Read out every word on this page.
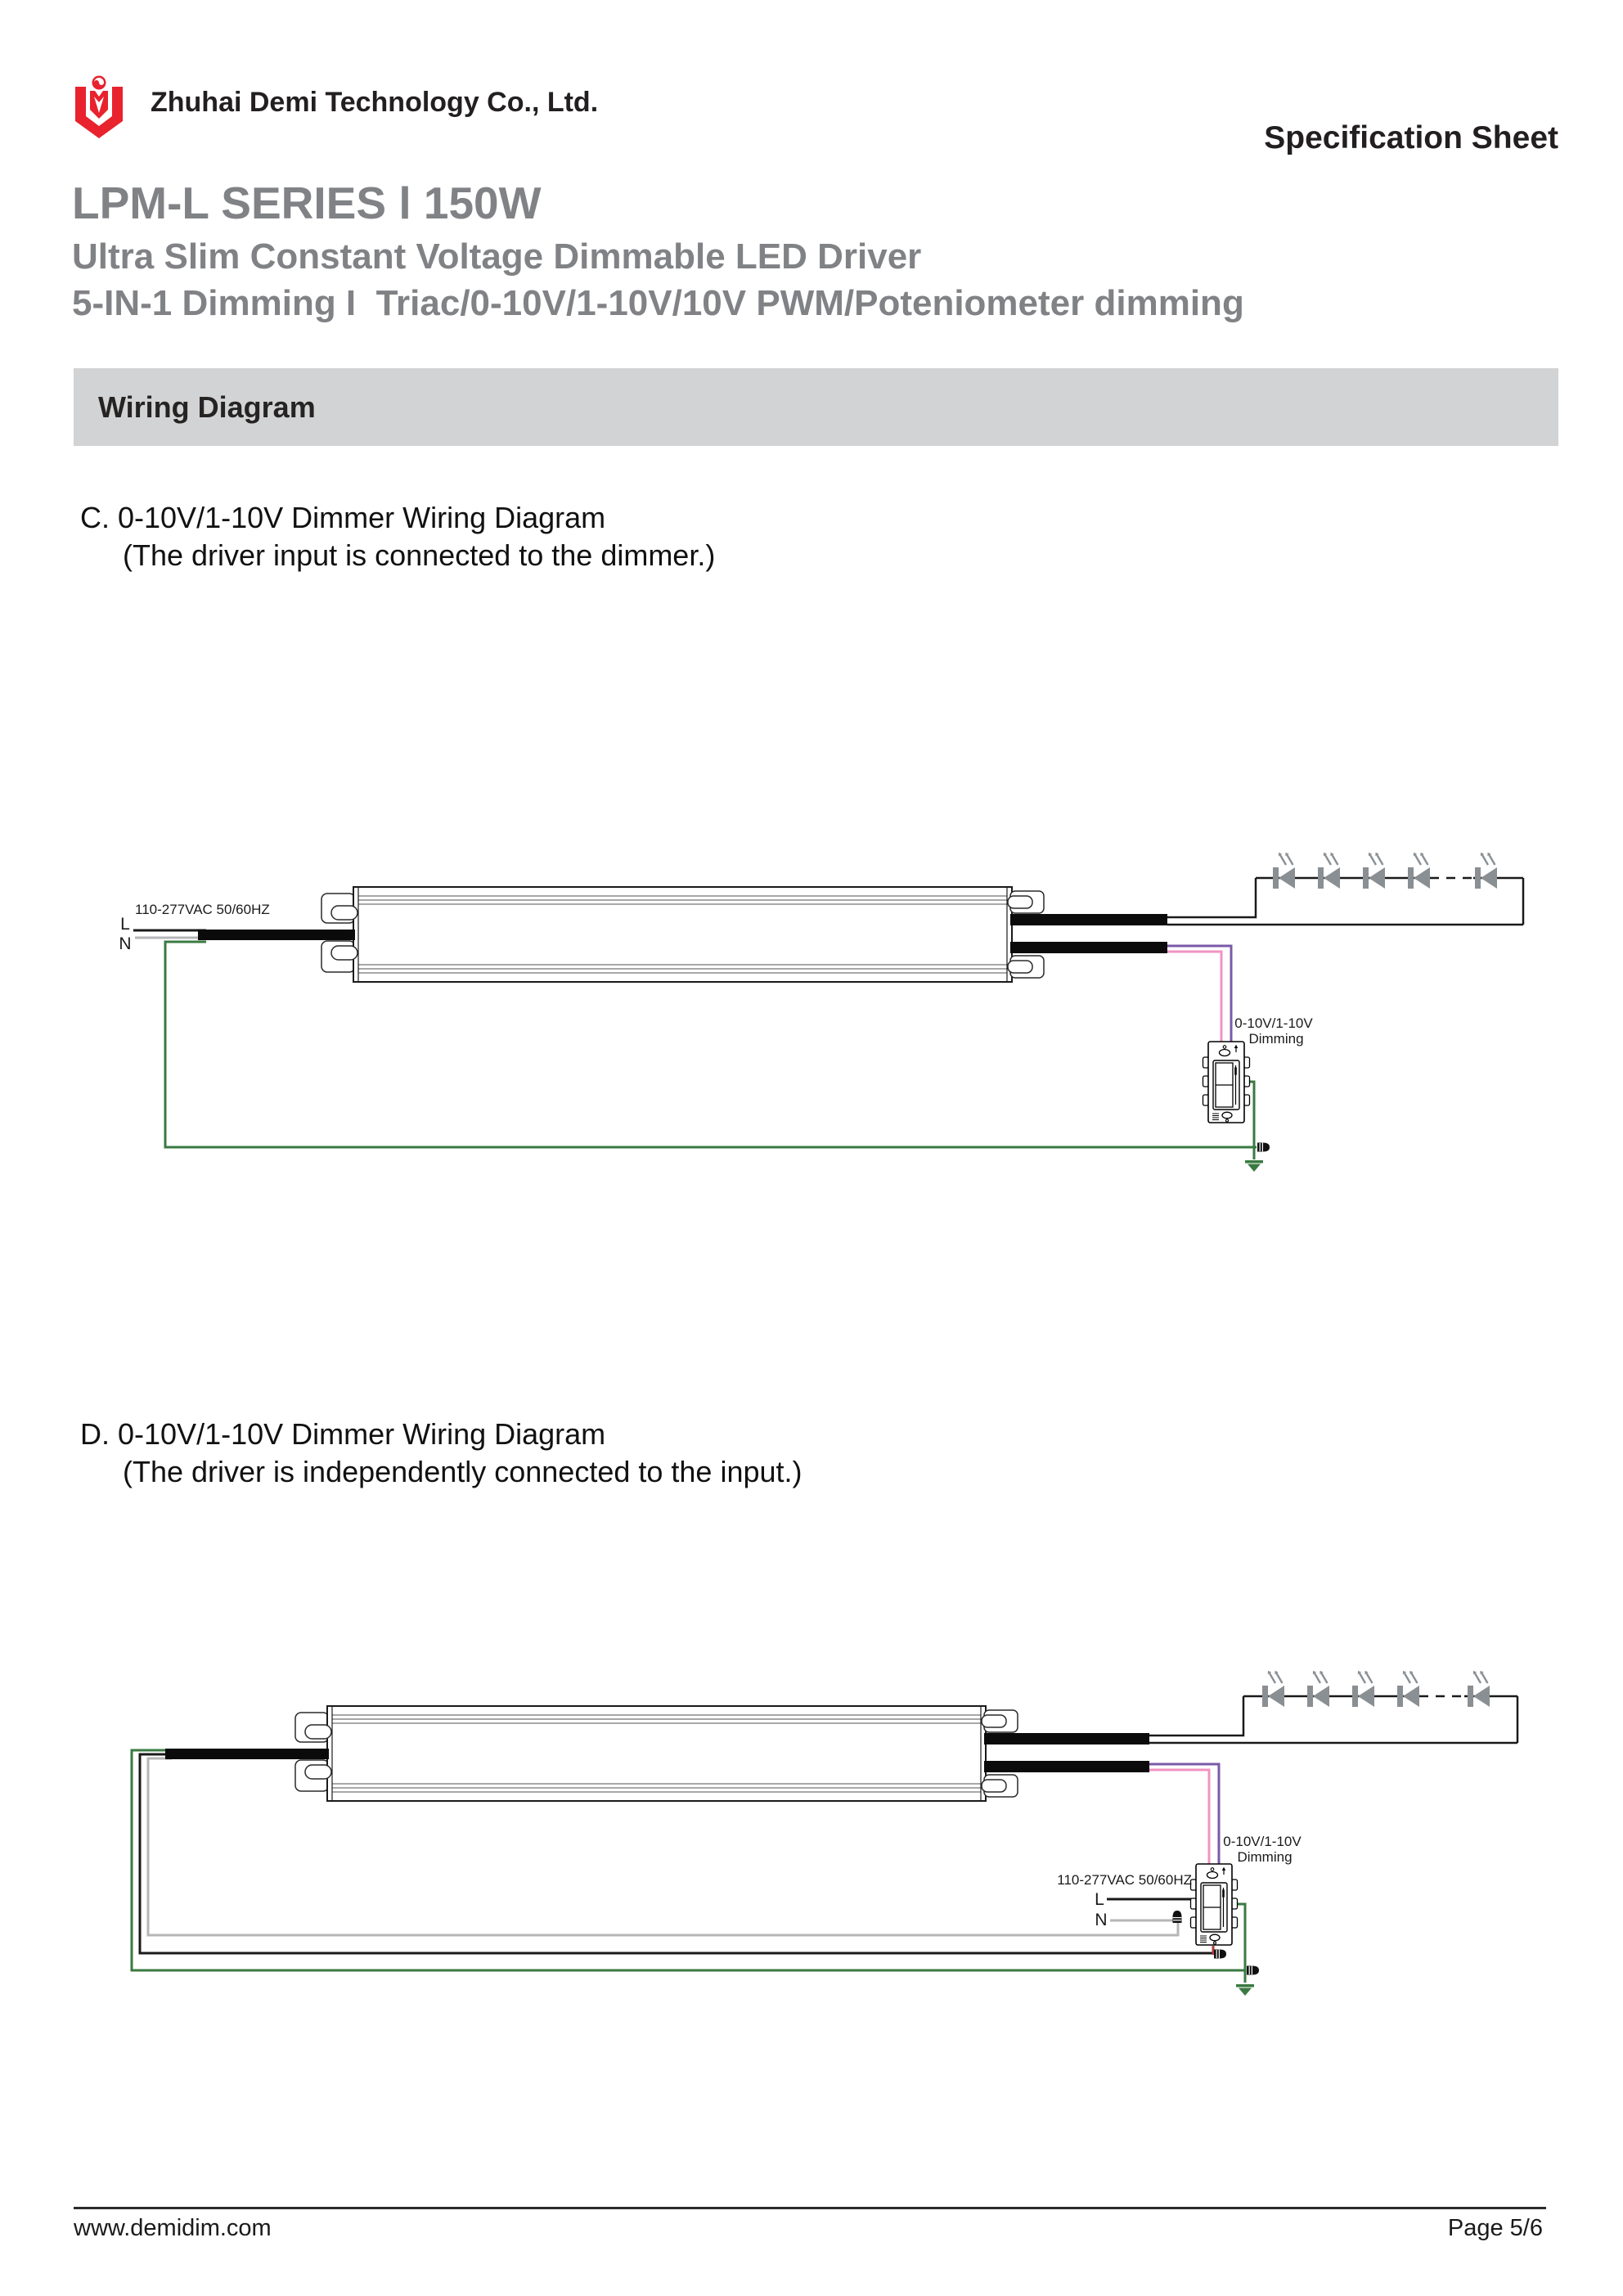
Zhuhai Demi Technology Co., Ltd.
Specification Sheet
LPM-L SERIES l 150W
Ultra Slim Constant Voltage Dimmable LED Driver
5-IN-1 Dimming I  Triac/0-10V/1-10V/10V PWM/Poteniometer dimming
Wiring Diagram
C. 0-10V/1-10V Dimmer Wiring Diagram
(The driver input is connected to the dimmer.)
110-277VAC 50/60HZ
L
N
0-10V/1-10V
Dimming
110-277VAC 50/60HZ
L
N
0-10V/1-10V
Dimming
D. 0-10V/1-10V Dimmer Wiring Diagram
(The driver is independently connected to the input.)
www.demidim.com	Page 5/6
